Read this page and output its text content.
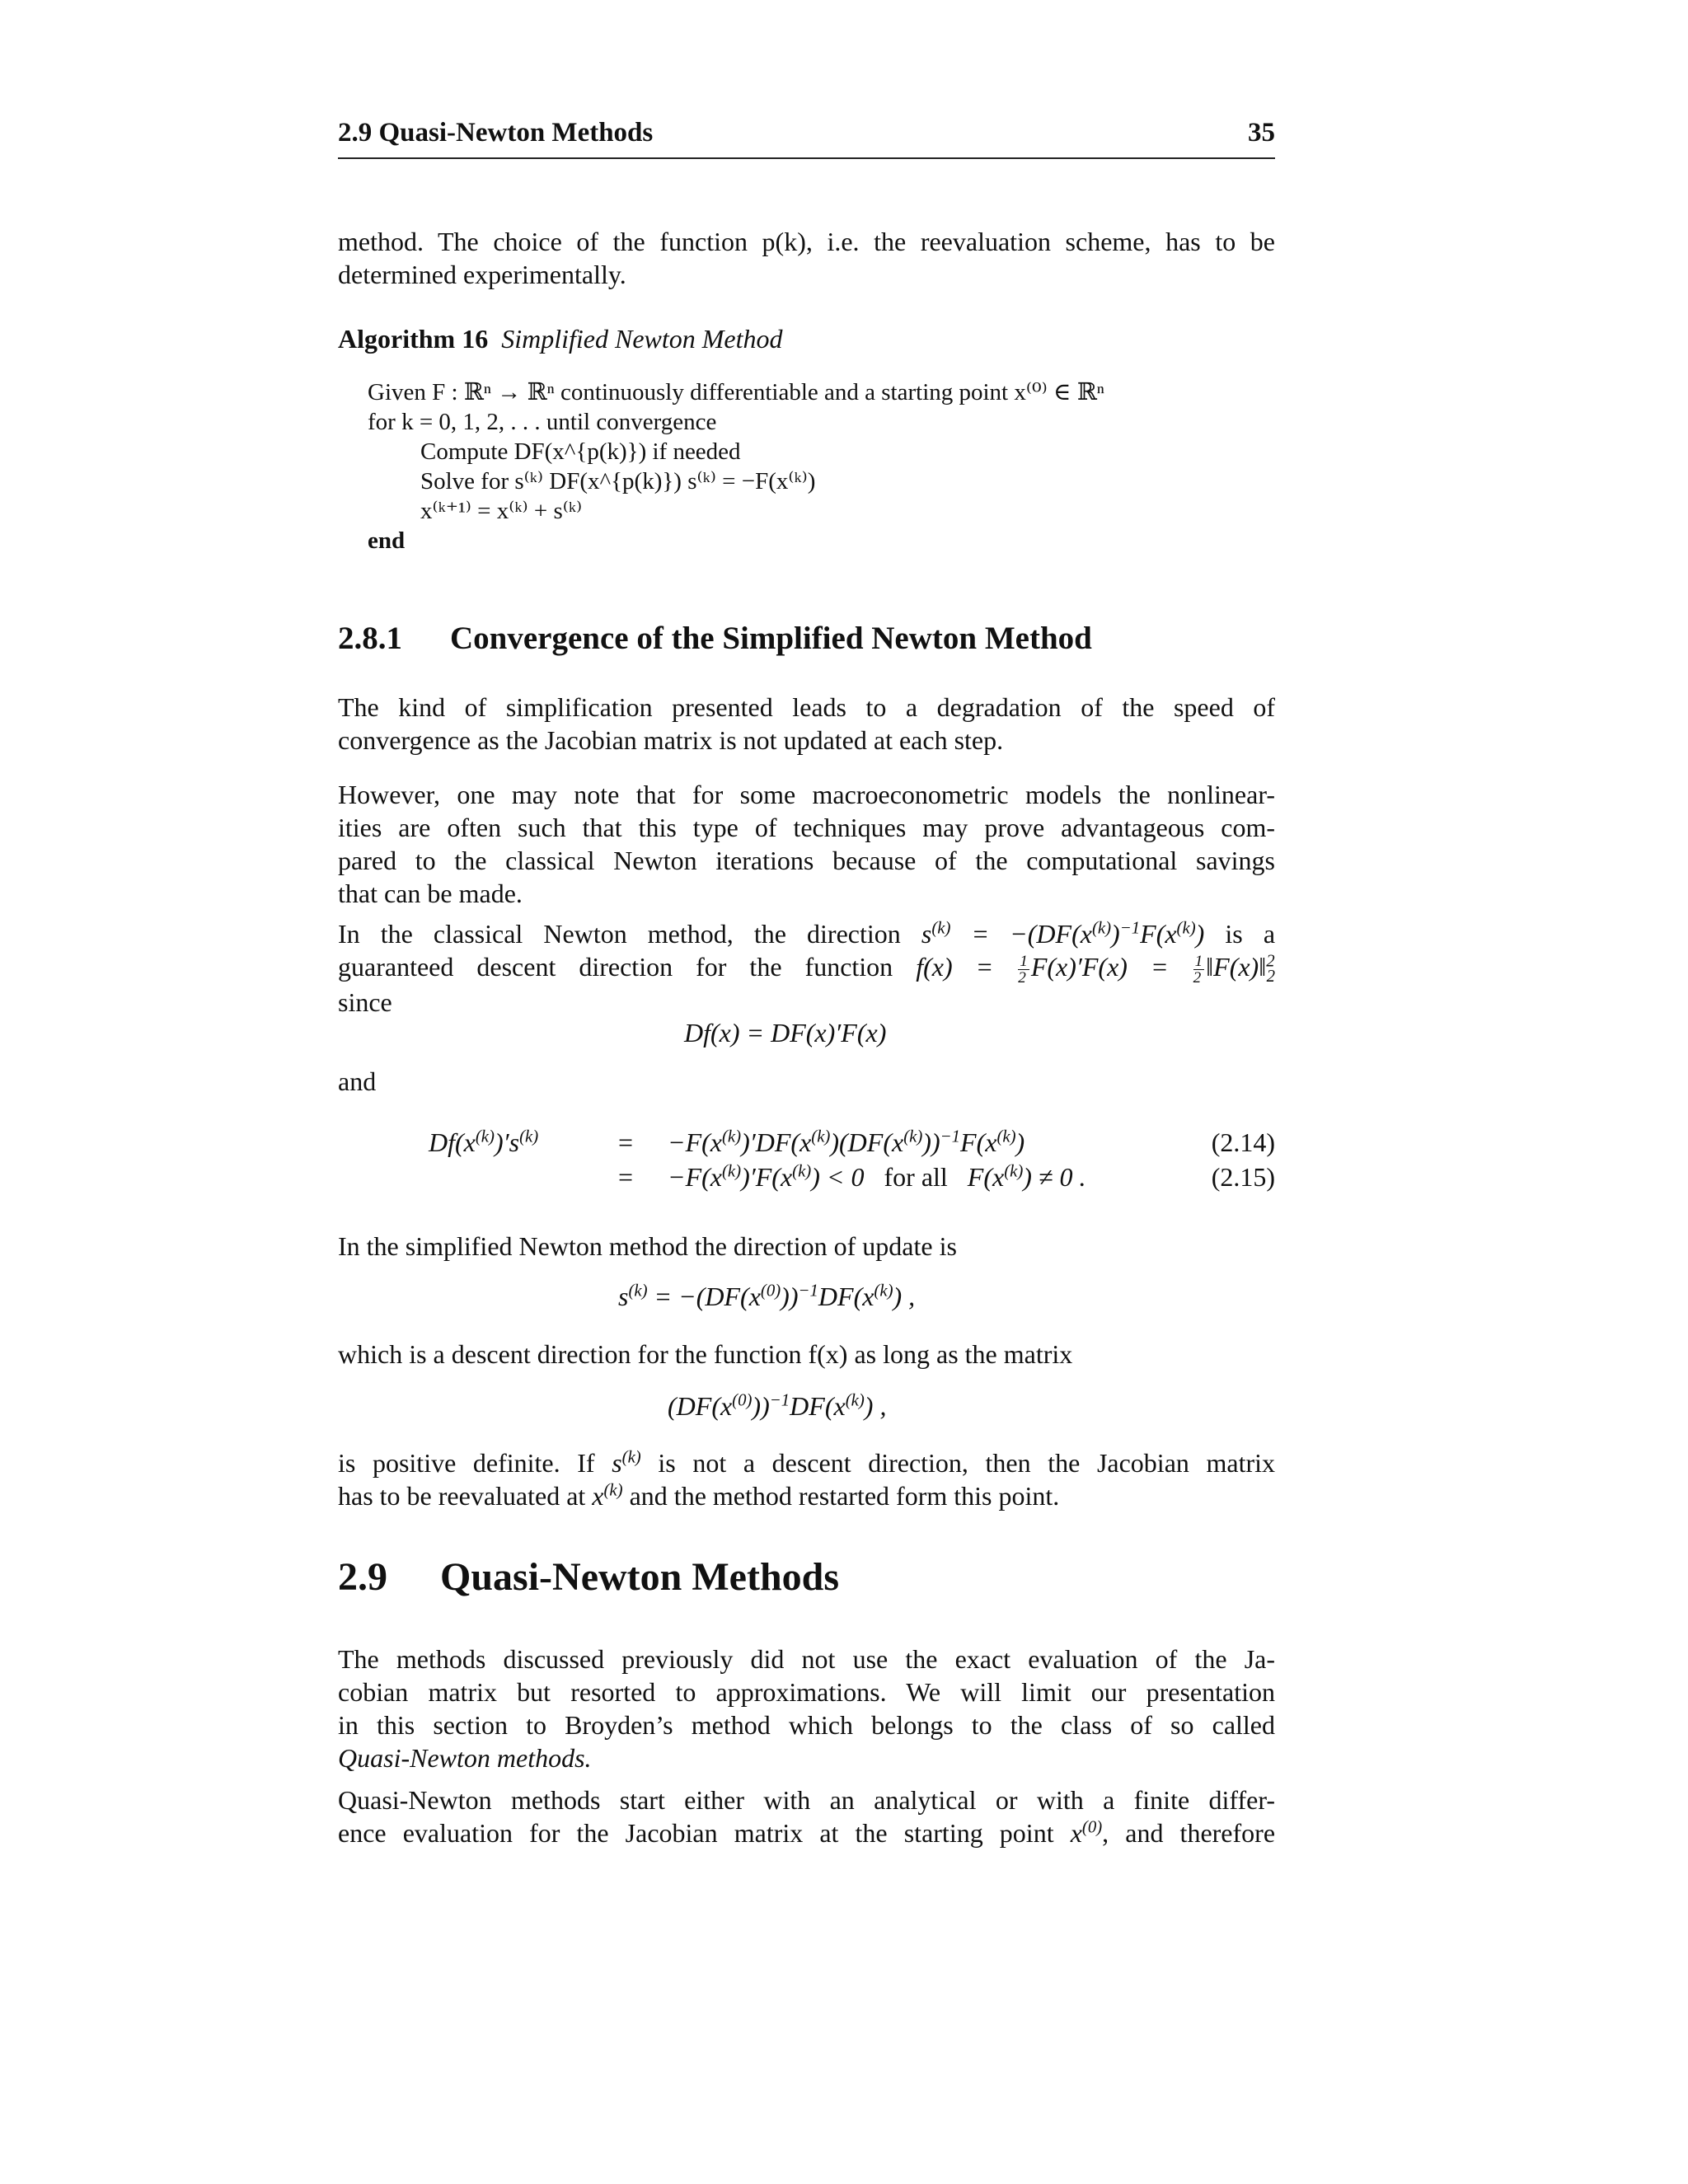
2.9 Quasi-Newton Methods	35
method. The choice of the function p(k), i.e. the reevaluation scheme, has to be
determined experimentally.
Algorithm 16 Simplified Newton Method
Given F : ℝⁿ → ℝⁿ continuously differentiable and a starting point x⁽⁰⁾ ∈ ℝⁿ
for k = 0, 1, 2, . . . until convergence
Compute DF(x^{p(k)}) if needed
Solve for s⁽ᵏ⁾ DF(x^{p(k)}) s⁽ᵏ⁾ = −F(x⁽ᵏ⁾)
x⁽ᵏ⁺¹⁾ = x⁽ᵏ⁾ + s⁽ᵏ⁾
end
2.8.1 Convergence of the Simplified Newton Method
The kind of simplification presented leads to a degradation of the speed of
convergence as the Jacobian matrix is not updated at each step.
However, one may note that for some macroeconometric models the nonlinear-
ities are often such that this type of techniques may prove advantageous com-
pared to the classical Newton iterations because of the computational savings
that can be made.
In the classical Newton method, the direction $s^{(k)} = -(DF(x^{(k)})^{-1}F(x^{(k)})$ is a
guaranteed descent direction for the function $f(x) = \frac{1}{2} F(x)'F(x) = \frac{1}{2}$ ‖F(x)‖$^2_2$
since
Df(x) = DF(x)′F(x)
and
$Df(x^{(k)})'s^{(k)}$	= $-F(x^{(k)})'DF(x^{(k)})(DF(x^{(k)}))^{-1}F(x^{(k)})$	(2.14)
= $-F(x^{(k)})'F(x^{(k)}) < 0$   for all   $F(x^{(k)}) \ne 0$ .	(2.15)
In the simplified Newton method the direction of update is
$s^{(k)} = -(DF(x^{(0)}))^{-1}DF(x^{(k)})$ ,
which is a descent direction for the function f(x) as long as the matrix
$(DF(x^{(0)}))^{-1}DF(x^{(k)})$ ,
is positive definite. If $s^{(k)}$ is not a descent direction, then the Jacobian matrix
has to be reevaluated at $x^{(k)}$ and the method restarted form this point.
2.9 Quasi-Newton Methods
The methods discussed previously did not use the exact evaluation of the Ja-
cobian matrix but resorted to approximations. We will limit our presentation
in this section to Broyden’s method which belongs to the class of so called
Quasi-Newton methods.
Quasi-Newton methods start either with an analytical or with a finite differ-
ence evaluation for the Jacobian matrix at the starting point $x^{(0)}$, and therefore
